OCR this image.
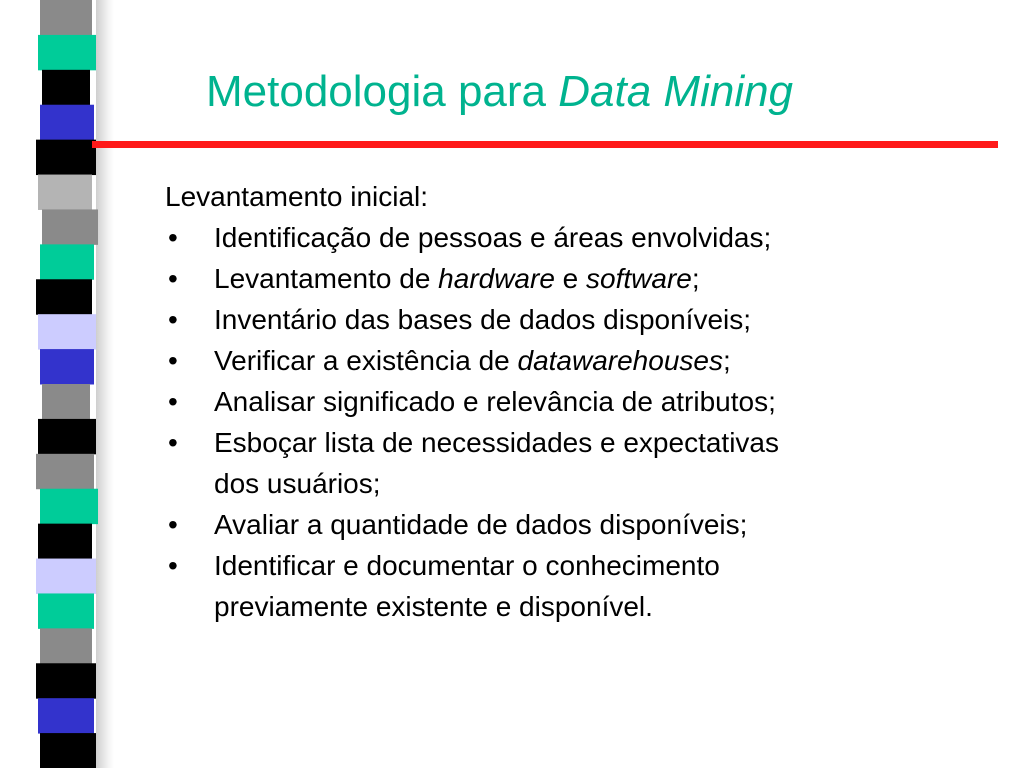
Metodologia para Data Mining

Levantamento inicial:

• Identificação de pessoas e áreas envolvidas;
• Levantamento de hardware e software;
• Inventário das bases de dados disponíveis;
• Verificar a existência de datawarehouses;
• Analisar significado e relevância de atributos;
• Esboçar lista de necessidades e expectativas
dos usuários;
• Avaliar a quantidade de dados disponíveis;
• Identificar e documentar o conhecimento
previamente existente e disponível.
